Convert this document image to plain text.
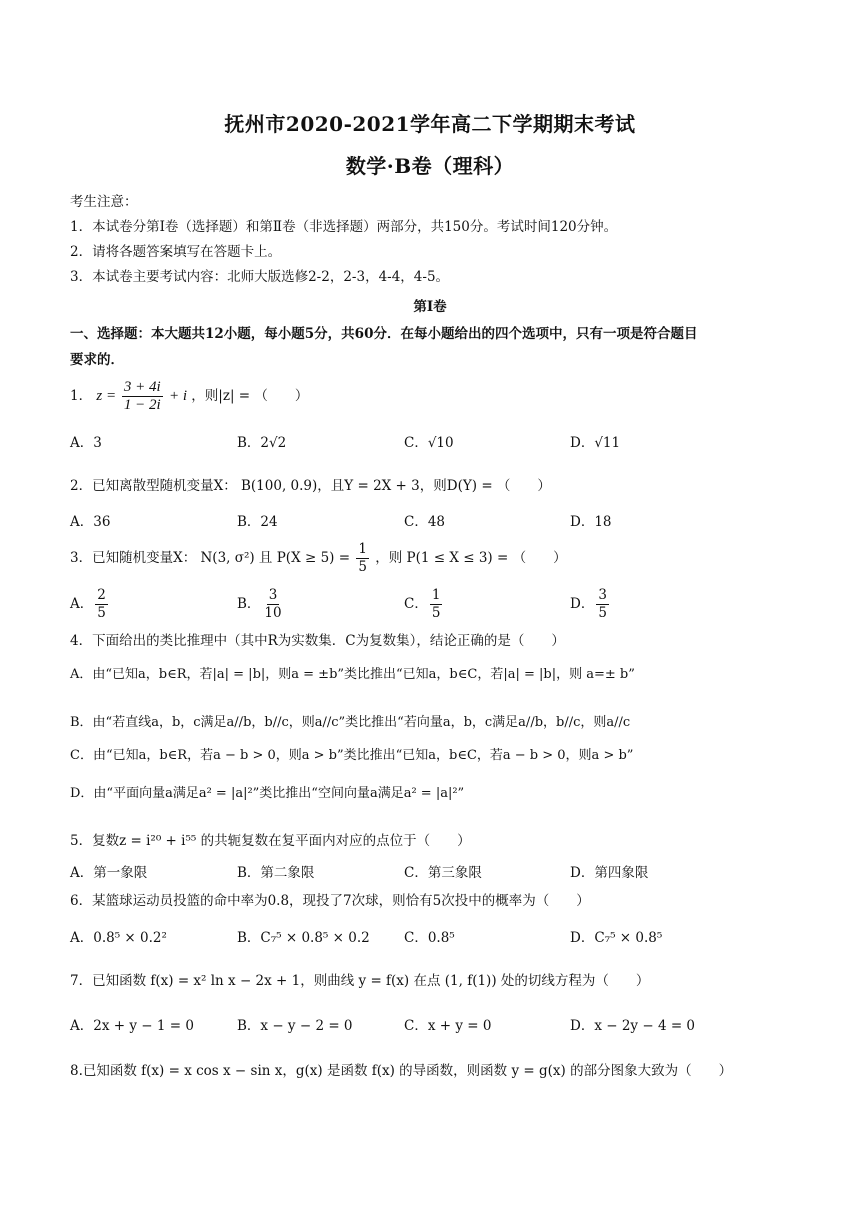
抚州市2020-2021学年高二下学期期末考试
数学·B卷（理科）
考生注意：
1．本试卷分第Ⅰ卷（选择题）和第Ⅱ卷（非选择题）两部分，共150分。考试时间120分钟。
2．请将各题答案填写在答题卡上。
3．本试卷主要考试内容：北师大版选修2-2，2-3，4-4，4-5。
第Ⅰ卷
一、选择题：本大题共12小题，每小题5分，共60分．在每小题给出的四个选项中，只有一项是符合题目
要求的．
1． $z = \frac{3 + 4i}{1 - 2i} + i$ ，则|z| = （　　）
A．3	B．2√2	C．√10	D．√11
2．已知离散型随机变量X： B(100, 0.9)，且Y = 2X + 3，则D(Y) = （　　）
A．36	B．24	C．48	D．18
3．已知随机变量X： N(3, σ²) 且 $P(X \ge 5) = \frac{1}{5}$ ，则 P(1 ≤ X ≤ 3) = （　　）
A． $\frac{2}{5}$	B． $\frac{3}{10}$	C． $\frac{1}{5}$	D． $\frac{3}{5}$
4．下面给出的类比推理中（其中R为实数集．C为复数集），结论正确的是（　　）
A．由“已知a，b∈R，若|a| = |b|，则a = ±b”类比推出“已知a，b∈C，若|a| = |b|，则 a=± b”
B．由“若直线a，b，c满足a//b，b//c，则a//c”类比推出“若向量a，b，c满足a//b，b//c，则a//c
C．由“已知a，b∈R，若a − b > 0，则a > b”类比推出“已知a，b∈C，若a − b > 0，则a > b”
D．由“平面向量a满足a² = |a|²”类比推出“空间向量a满足a² = |a|²”
5．复数z = i²⁰ + i⁵⁵ 的共轭复数在复平面内对应的点位于（　　）
A．第一象限	B．第二象限	C．第三象限	D．第四象限
6．某篮球运动员投篮的命中率为0.8，现投了7次球，则恰有5次投中的概率为（　　）
A．0.8⁵ × 0.2²	B．C₇⁵ × 0.8⁵ × 0.2	C．0.8⁵	D．C₇⁵ × 0.8⁵
7．已知函数 f(x) = x² ln x − 2x + 1，则曲线 y = f(x) 在点 (1, f(1)) 处的切线方程为（　　）
A．2x + y − 1 = 0	B．x − y − 2 = 0	C．x + y = 0	D．x − 2y − 4 = 0
8.已知函数 f(x) = x cos x − sin x，g(x) 是函数 f(x) 的导函数，则函数 y = g(x) 的部分图象大致为（　　）
